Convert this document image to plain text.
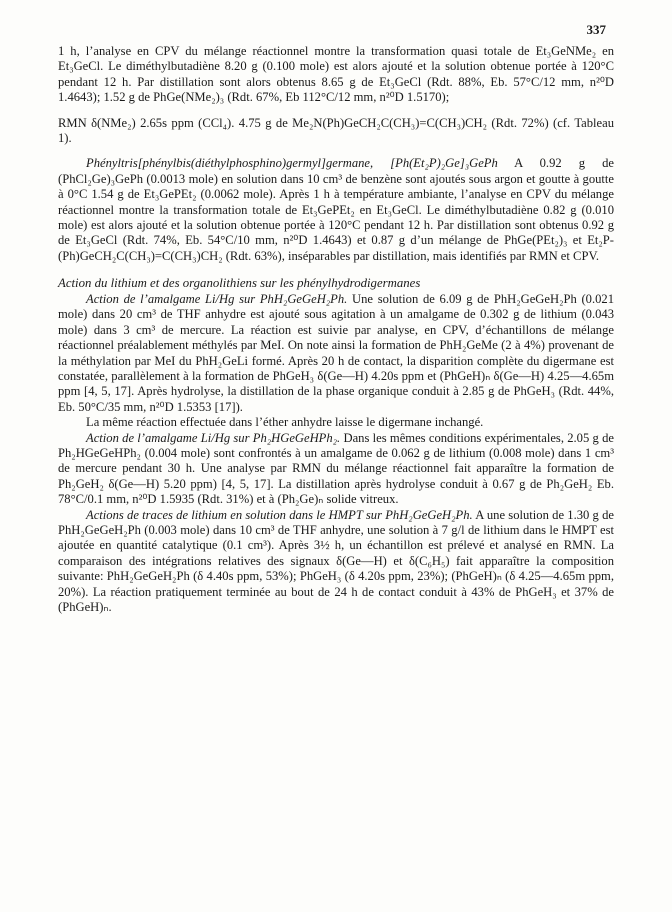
337

1 h, l’analyse en CPV du mélange réactionnel montre la transformation quasi totale de Et₃GeNMe₂ en Et₃GeCl. Le diméthylbutadiène 8.20 g (0.100 mole) est alors ajouté et la solution obtenue portée à 120°C pendant 12 h. Par distillation sont alors obtenus 8.65 g de Et₃GeCl (Rdt. 88%, Eb. 57°C/12 mm, n²⁰D 1.4643); 1.52 g de PhGe(NMe₂)₃ (Rdt. 67%, Eb 112°C/12 mm, n²⁰D 1.5170);

RMN δ(NMe₂) 2.65s ppm (CCl₄). 4.75 g de Me₂N(Ph)GeCH₂C(CH₃)=C(CH₃)CH₂ (Rdt. 72%) (cf. Tableau 1).

Phényltris[phénylbis(diéthylphosphino)germyl]germane, [Ph(Et₂P)₂Ge]₃GePh A 0.92 g de (PhCl₂Ge)₃GePh (0.0013 mole) en solution dans 10 cm³ de benzène sont ajoutés sous argon et goutte à goutte à 0°C 1.54 g de Et₃GePEt₂ (0.0062 mole). Après 1 h à température ambiante, l’analyse en CPV du mélange réactionnel montre la transformation totale de Et₃GePEt₂ en Et₃GeCl. Le diméthylbutadiène 0.82 g (0.010 mole) est alors ajouté et la solution obtenue portée à 120°C pendant 12 h. Par distillation sont obtenus 0.92 g de Et₃GeCl (Rdt. 74%, Eb. 54°C/10 mm, n²⁰D 1.4643) et 0.87 g d’un mélange de PhGe(PEt₂)₃ et Et₂P-(Ph)GeCH₂C(CH₃)=C(CH₃)CH₂ (Rdt. 63%), inséparables par distillation, mais identifiés par RMN et CPV.

Action du lithium et des organolithiens sur les phénylhydrodigermanes

Action de l’amalgame Li/Hg sur PhH₂GeGeH₂Ph. Une solution de 6.09 g de PhH₂GeGeH₂Ph (0.021 mole) dans 20 cm³ de THF anhydre est ajouté sous agitation à un amalgame de 0.302 g de lithium (0.043 mole) dans 3 cm³ de mercure. La réaction est suivie par analyse, en CPV, d’échantillons de mélange réactionnel préalablement méthylés par MeI. On note ainsi la formation de PhH₂GeMe (2 à 4%) provenant de la méthylation par MeI du PhH₂GeLi formé. Après 20 h de contact, la disparition complète du digermane est constatée, parallèlement à la formation de PhGeH₃ δ(Ge—H) 4.20s ppm et (PhGeH)ₙ δ(Ge—H) 4.25—4.65m ppm [4, 5, 17]. Après hydrolyse, la distillation de la phase organique conduit à 2.85 g de PhGeH₃ (Rdt. 44%, Eb. 50°C/35 mm, n²⁰D 1.5353 [17]).

La même réaction effectuée dans l’éther anhydre laisse le digermane inchangé.

Action de l’amalgame Li/Hg sur Ph₂HGeGeHPh₂. Dans les mêmes conditions expérimentales, 2.05 g de Ph₂HGeGeHPh₂ (0.004 mole) sont confrontés à un amalgame de 0.062 g de lithium (0.008 mole) dans 1 cm³ de mercure pendant 30 h. Une analyse par RMN du mélange réactionnel fait apparaître la formation de Ph₂GeH₂ δ(Ge—H) 5.20 ppm) [4, 5, 17]. La distillation après hydrolyse conduit à 0.67 g de Ph₂GeH₂ Eb. 78°C/0.1 mm, n²⁰D 1.5935 (Rdt. 31%) et à (Ph₂Ge)ₙ solide vitreux.

Actions de traces de lithium en solution dans le HMPT sur PhH₂GeGeH₂Ph. A une solution de 1.30 g de PhH₂GeGeH₂Ph (0.003 mole) dans 10 cm³ de THF anhydre, une solution à 7 g/l de lithium dans le HMPT est ajoutée en quantité catalytique (0.1 cm³). Après 3½ h, un échantillon est prélevé et analysé en RMN. La comparaison des intégrations relatives des signaux δ(Ge—H) et δ(C₆H₅) fait apparaître la composition suivante: PhH₂GeGeH₂Ph (δ 4.40s ppm, 53%); PhGeH₃ (δ 4.20s ppm, 23%); (PhGeH)ₙ (δ 4.25—4.65m ppm, 20%). La réaction pratiquement terminée au bout de 24 h de contact conduit à 43% de PhGeH₃ et 37% de (PhGeH)ₙ.
